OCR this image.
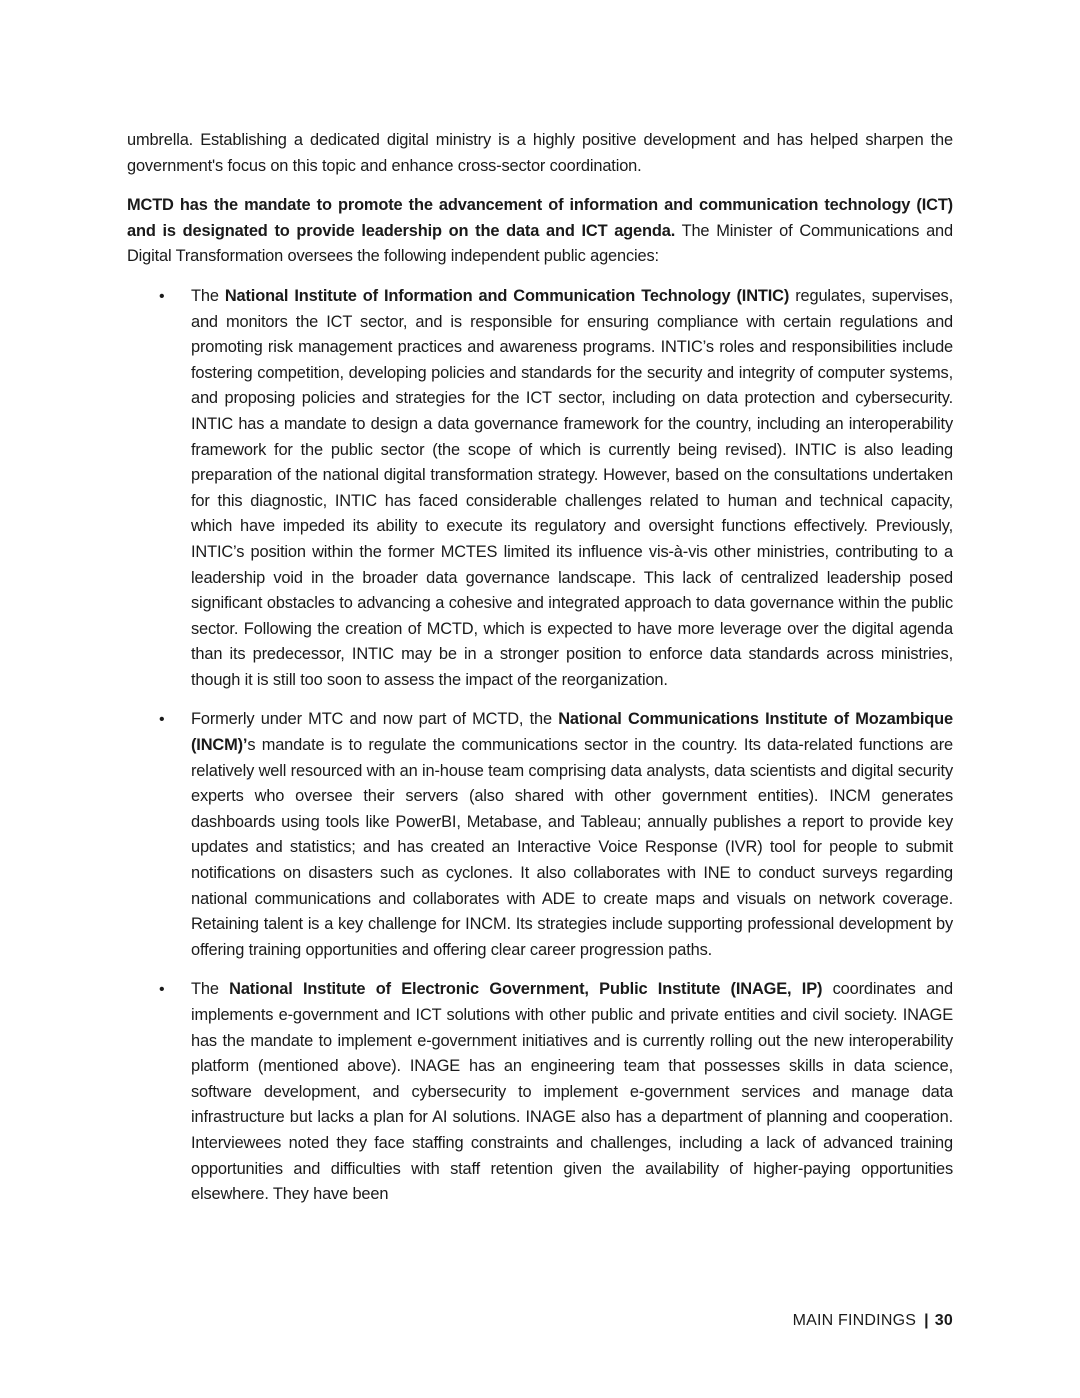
umbrella. Establishing a dedicated digital ministry is a highly positive development and has helped sharpen the government's focus on this topic and enhance cross-sector coordination.

MCTD has the mandate to promote the advancement of information and communication technology (ICT) and is designated to provide leadership on the data and ICT agenda. The Minister of Communications and Digital Transformation oversees the following independent public agencies:

• The National Institute of Information and Communication Technology (INTIC) regulates, supervises, and monitors the ICT sector, and is responsible for ensuring compliance with certain regulations and promoting risk management practices and awareness programs. INTIC’s roles and responsibilities include fostering competition, developing policies and standards for the security and integrity of computer systems, and proposing policies and strategies for the ICT sector, including on data protection and cybersecurity. INTIC has a mandate to design a data governance framework for the country, including an interoperability framework for the public sector (the scope of which is currently being revised). INTIC is also leading preparation of the national digital transformation strategy. However, based on the consultations undertaken for this diagnostic, INTIC has faced considerable challenges related to human and technical capacity, which have impeded its ability to execute its regulatory and oversight functions effectively. Previously, INTIC’s position within the former MCTES limited its influence vis-à-vis other ministries, contributing to a leadership void in the broader data governance landscape. This lack of centralized leadership posed significant obstacles to advancing a cohesive and integrated approach to data governance within the public sector. Following the creation of MCTD, which is expected to have more leverage over the digital agenda than its predecessor, INTIC may be in a stronger position to enforce data standards across ministries, though it is still too soon to assess the impact of the reorganization.
• Formerly under MTC and now part of MCTD, the National Communications Institute of Mozambique (INCM)’s mandate is to regulate the communications sector in the country. Its data-related functions are relatively well resourced with an in-house team comprising data analysts, data scientists and digital security experts who oversee their servers (also shared with other government entities). INCM generates dashboards using tools like PowerBI, Metabase, and Tableau; annually publishes a report to provide key updates and statistics; and has created an Interactive Voice Response (IVR) tool for people to submit notifications on disasters such as cyclones. It also collaborates with INE to conduct surveys regarding national communications and collaborates with ADE to create maps and visuals on network coverage. Retaining talent is a key challenge for INCM. Its strategies include supporting professional development by offering training opportunities and offering clear career progression paths.
• The National Institute of Electronic Government, Public Institute (INAGE, IP) coordinates and implements e-government and ICT solutions with other public and private entities and civil society. INAGE has the mandate to implement e-government initiatives and is currently rolling out the new interoperability platform (mentioned above). INAGE has an engineering team that possesses skills in data science, software development, and cybersecurity to implement e-government services and manage data infrastructure but lacks a plan for AI solutions. INAGE also has a department of planning and cooperation. Interviewees noted they face staffing constraints and challenges, including a lack of advanced training opportunities and difficulties with staff retention given the availability of higher-paying opportunities elsewhere. They have been
MAIN FINDINGS | 30
